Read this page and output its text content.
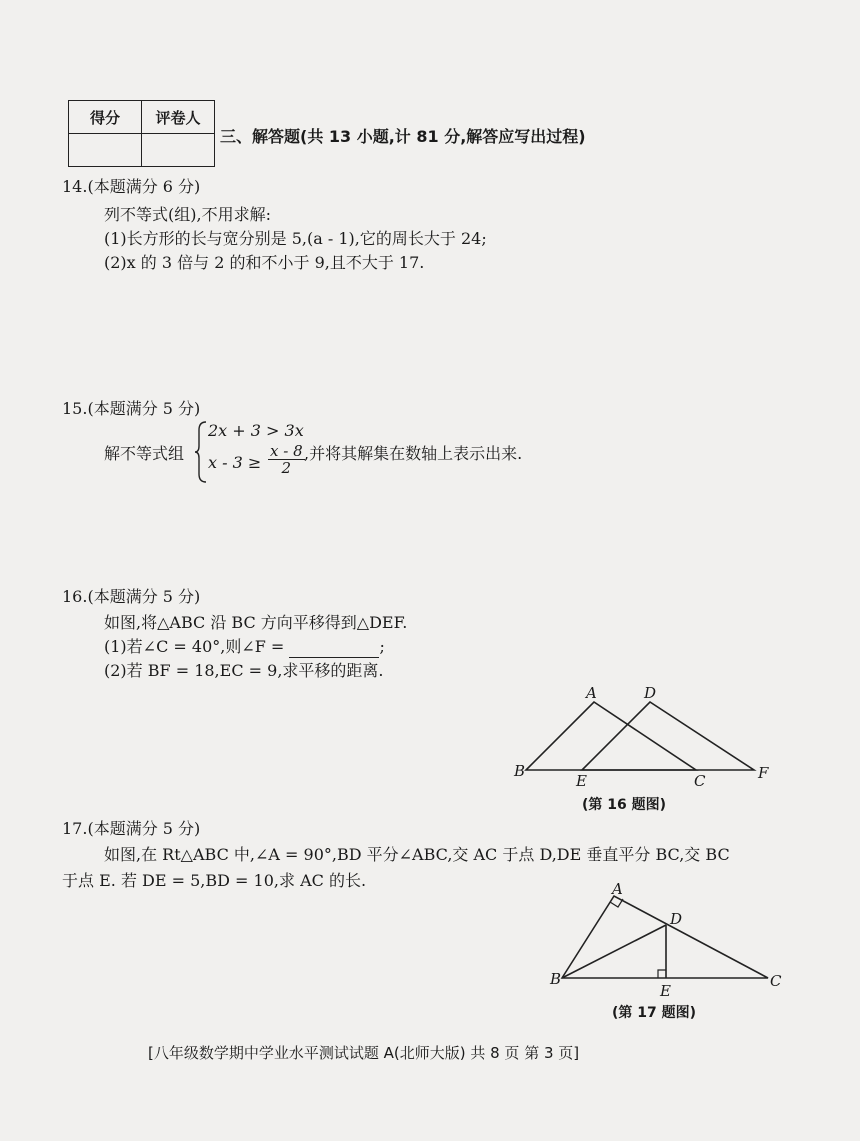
得分	评卷人

三、解答题(共 13 小题,计 81 分,解答应写出过程)
14.(本题满分 6 分)
列不等式(组),不用求解:
(1)长方形的长与宽分别是 5,(a - 1),它的周长大于 24;
(2)x 的 3 倍与 2 的和不小于 9,且不大于 17.
15.(本题满分 5 分)
解不等式组
2x + 3 > 3x
$x - 3 \ge \frac{x - 8}{2}$ ,并将其解集在数轴上表示出来.
16.(本题满分 5 分)
如图,将△ABC 沿 BC 方向平移得到△DEF.
(1)若∠C = 40°,则∠F =	;
(2)若 BF = 18,EC = 9,求平移的距离.
A	D
B
E	C	F
(第 16 题图)
17.(本题满分 5 分)
如图,在 Rt△ABC 中,∠A = 90°,BD 平分∠ABC,交 AC 于点 D,DE 垂直平分 BC,交 BC
于点 E. 若 DE = 5,BD = 10,求 AC 的长.	A
D
B
E
C
(第 17 题图)
[八年级数学期中学业水平测试试题 A(北师大版) 共 8 页 第 3 页]
